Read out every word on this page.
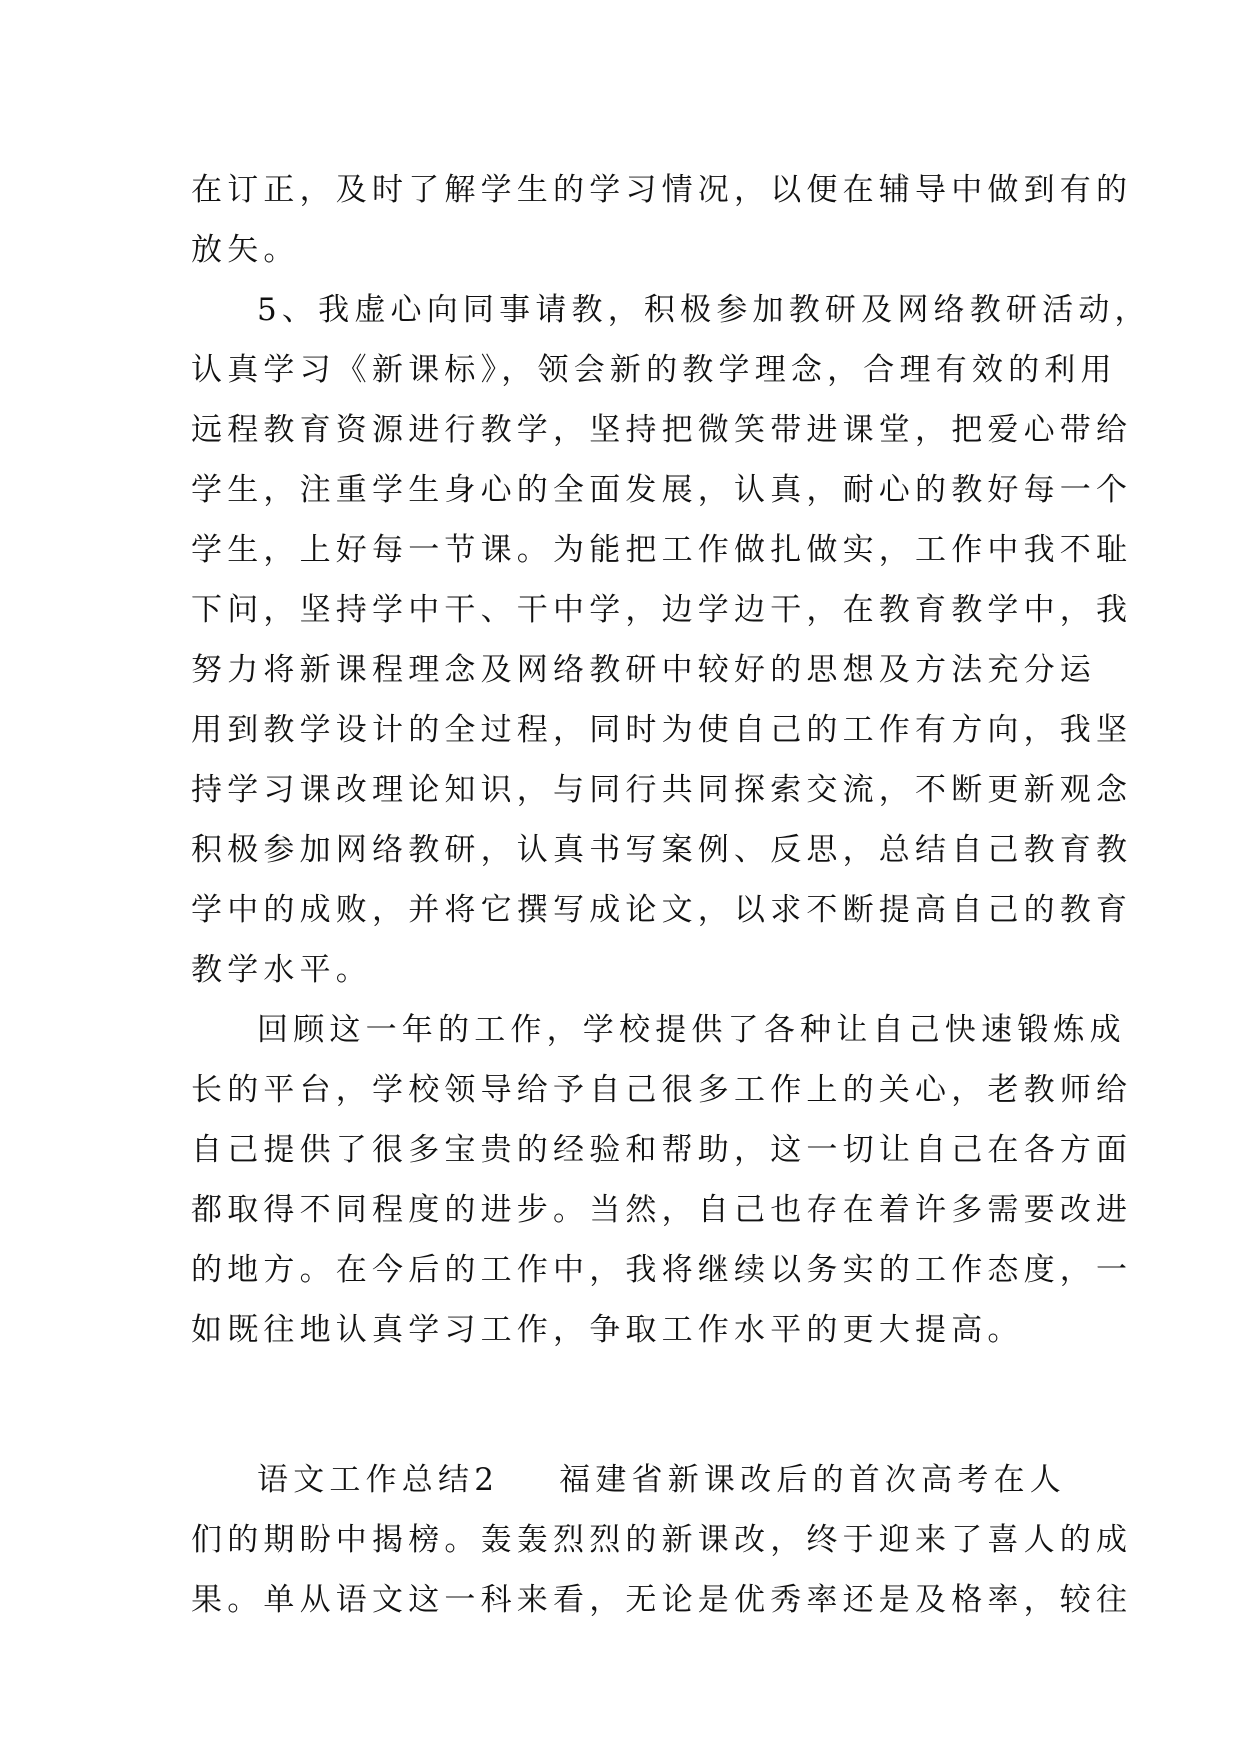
在订正，及时了解学生的学习情况，以便在辅导中做到有的
放矢。
5、我虚心向同事请教，积极参加教研及网络教研活动，
认真学习《新课标》，领会新的教学理念，合理有效的利用
远程教育资源进行教学，坚持把微笑带进课堂，把爱心带给
学生，注重学生身心的全面发展，认真，耐心的教好每一个
学生，上好每一节课。为能把工作做扎做实，工作中我不耻
下问，坚持学中干、干中学，边学边干，在教育教学中，我
努力将新课程理念及网络教研中较好的思想及方法充分运
用到教学设计的全过程，同时为使自己的工作有方向，我坚
持学习课改理论知识，与同行共同探索交流，不断更新观念
积极参加网络教研，认真书写案例、反思，总结自己教育教
学中的成败，并将它撰写成论文，以求不断提高自己的教育
教学水平。
回顾这一年的工作，学校提供了各种让自己快速锻炼成
长的平台，学校领导给予自己很多工作上的关心，老教师给
自己提供了很多宝贵的经验和帮助，这一切让自己在各方面
都取得不同程度的进步。当然，自己也存在着许多需要改进
的地方。在今后的工作中，我将继续以务实的工作态度，一
如既往地认真学习工作，争取工作水平的更大提高。
语文工作总结2 福建省新课改后的首次高考在人
们的期盼中揭榜。轰轰烈烈的新课改，终于迎来了喜人的成
果。单从语文这一科来看，无论是优秀率还是及格率，较往
